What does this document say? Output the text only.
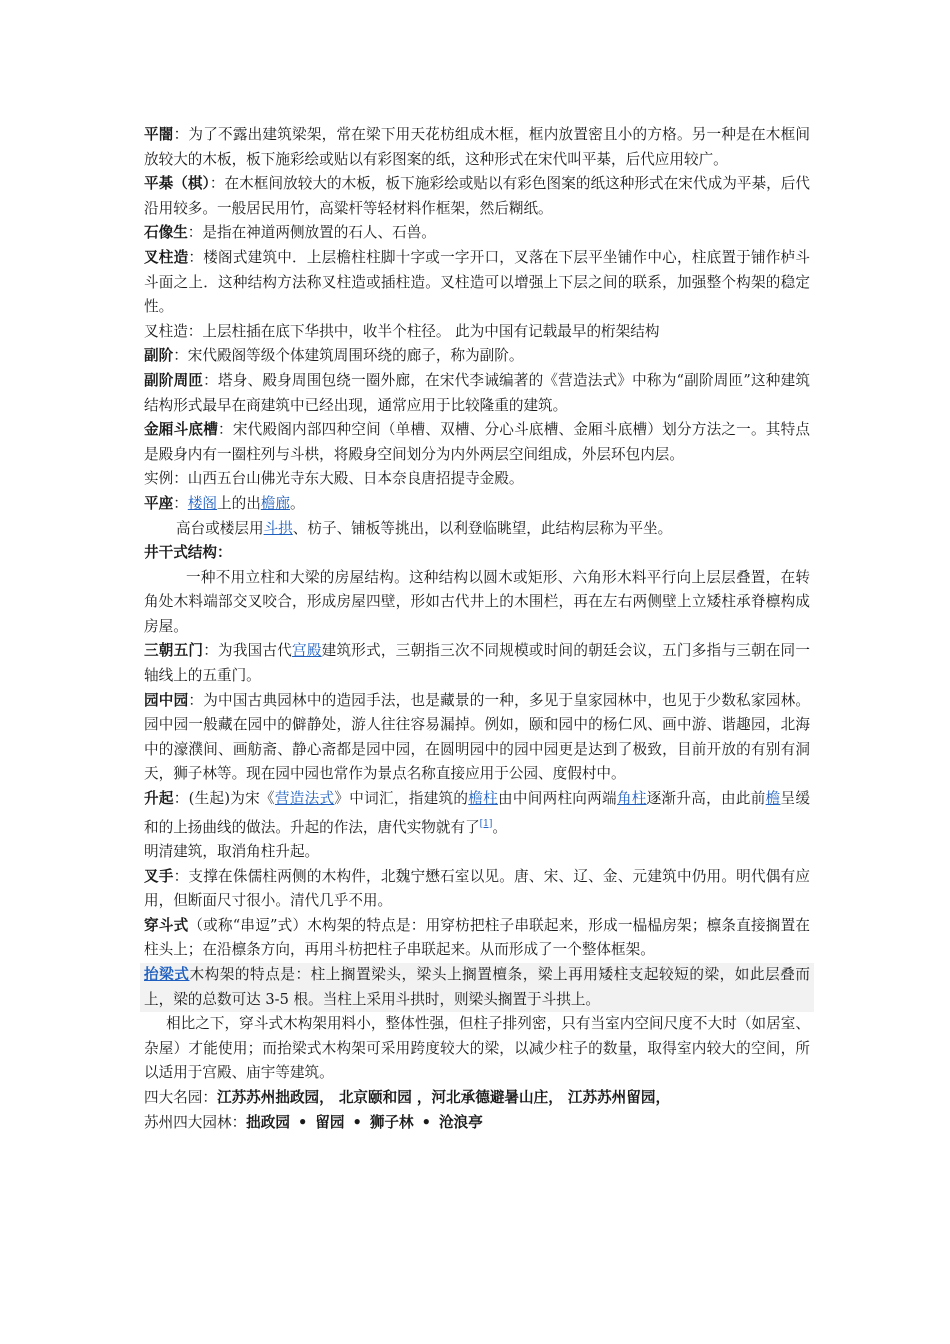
平闇：为了不露出建筑梁架，常在梁下用天花枋组成木框，框内放置密且小的方格。另一种是在木框间放较大的木板，板下施彩绘或贴以有彩图案的纸，这种形式在宋代叫平棊，后代应用较广。

平棊（棋）：在木框间放较大的木板，板下施彩绘或贴以有彩色图案的纸这种形式在宋代成为平棊，后代沿用较多。一般居民用竹，高粱杆等轻材料作框架，然后糊纸。

石像生：是指在神道两侧放置的石人、石兽。

叉柱造：楼阁式建筑中．上层檐柱柱脚十字或一字开口，叉落在下层平坐铺作中心，柱底置于铺作栌斗斗面之上．这种结构方法称叉柱造或插柱造。叉柱造可以增强上下层之间的联系，加强整个构架的稳定性。

叉柱造：上层柱插在底下华拱中，收半个柱径。 此为中国有记载最早的桁架结构

副阶：宋代殿阁等级个体建筑周围环绕的廊子，称为副阶。

副阶周匝：塔身、殿身周围包绕一圈外廊，在宋代李诫编著的《营造法式》中称为“副阶周匝”这种建筑结构形式最早在商建筑中已经出现，通常应用于比较隆重的建筑。

金厢斗底槽：宋代殿阁内部四种空间（单槽、双槽、分心斗底槽、金厢斗底槽）划分方法之一。其特点是殿身内有一圈柱列与斗栱，将殿身空间划分为内外两层空间组成，外层环包内层。

实例：山西五台山佛光寺东大殿、日本奈良唐招提寺金殿。

平座：楼阁上的出檐廊。

高台或楼层用斗拱、枋子、铺板等挑出，以利登临眺望，此结构层称为平坐。

井干式结构：

一种不用立柱和大梁的房屋结构。这种结构以圆木或矩形、六角形木料平行向上层层叠置，在转角处木料端部交叉咬合，形成房屋四壁，形如古代井上的木围栏，再在左右两侧壁上立矮柱承脊檩构成房屋。

三朝五门：为我国古代宫殿建筑形式，三朝指三次不同规模或时间的朝廷会议，五门多指与三朝在同一轴线上的五重门。

园中园：为中国古典园林中的造园手法，也是藏景的一种，多见于皇家园林中，也见于少数私家园林。园中园一般藏在园中的僻静处，游人往往容易漏掉。例如，颐和园中的杨仁风、画中游、谐趣园，北海中的濠濮间、画舫斋、静心斋都是园中园，在圆明园中的园中园更是达到了极致，目前开放的有别有洞天，狮子林等。现在园中园也常作为景点名称直接应用于公园、度假村中。

升起：(生起)为宋《营造法式》中词汇，指建筑的檐柱由中间两柱向两端角柱逐渐升高，由此前檐呈缓和的上扬曲线的做法。升起的作法，唐代实物就有了[1]。

明清建筑，取消角柱升起。

叉手：支撑在侏儒柱两侧的木构件，北魏宁懋石室以见。唐、宋、辽、金、元建筑中仍用。明代偶有应用，但断面尺寸很小。清代几乎不用。

穿斗式（或称“串逗”式）木构架的特点是：用穿枋把柱子串联起来，形成一榀榀房架；檩条直接搁置在柱头上；在沿檩条方向，再用斗枋把柱子串联起来。从而形成了一个整体框架。

抬梁式木构架的特点是：柱上搁置梁头，梁头上搁置檀条，梁上再用矮柱支起较短的梁，如此层叠而上，梁的总数可达 3-5 根。当柱上采用斗拱时，则梁头搁置于斗拱上。

相比之下，穿斗式木构架用料小，整体性强，但柱子排列密，只有当室内空间尺度不大时（如居室、杂屋）才能使用；而抬梁式木构架可采用跨度较大的梁，以减少柱子的数量，取得室内较大的空间，所以适用于宫殿、庙宇等建筑。

四大名园：江苏苏州拙政园， 北京颐和园 ，河北承德避暑山庄， 江苏苏州留园，

苏州四大园林：拙政园 • 留园 • 狮子林 • 沧浪亭
